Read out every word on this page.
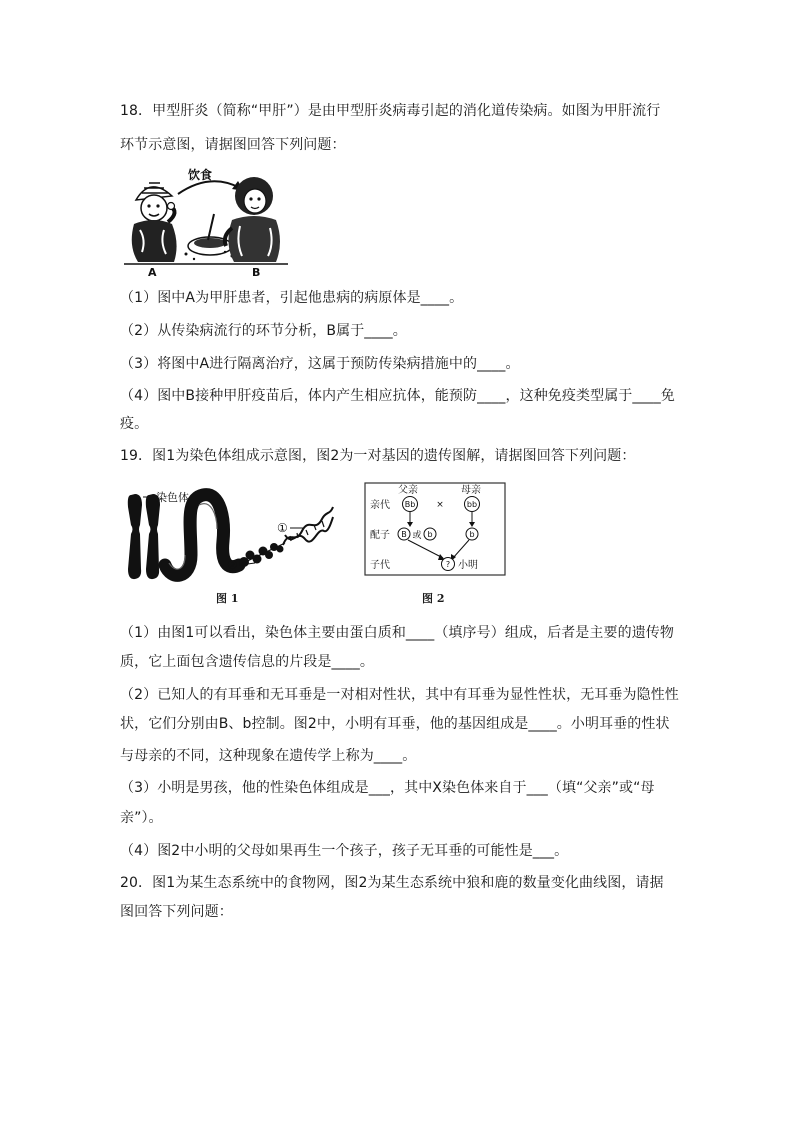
18．甲型肝炎（简称“甲肝”）是由甲型肝炎病毒引起的消化道传染病。如图为甲肝流行
环节示意图，请据图回答下列问题：
饮食
A	B
（1）图中A为甲肝患者，引起他患病的病原体是____。
（2）从传染病流行的环节分析，B属于____。
（3）将图中A进行隔离治疗，这属于预防传染病措施中的____。
（4）图中B接种甲肝疫苗后，体内产生相应抗体，能预防____，这种免疫类型属于____免
疫。
19．图1为染色体组成示意图，图2为一对基因的遗传图解，请据图回答下列问题：
染色体
①
②
图 1
父亲	母亲
亲代 Bb ×	bb
配子 B 或 b	b
子代	? 小明
图 2
（1）由图1可以看出，染色体主要由蛋白质和____（填序号）组成，后者是主要的遗传物
质，它上面包含遗传信息的片段是____。
（2）已知人的有耳垂和无耳垂是一对相对性状，其中有耳垂为显性性状，无耳垂为隐性性
状，它们分别由B、b控制。图2中，小明有耳垂，他的基因组成是____。小明耳垂的性状
与母亲的不同，这种现象在遗传学上称为____。
（3）小明是男孩，他的性染色体组成是___，其中X染色体来自于___（填“父亲”或“母
亲”）。
（4）图2中小明的父母如果再生一个孩子，孩子无耳垂的可能性是___。
20．图1为某生态系统中的食物网，图2为某生态系统中狼和鹿的数量变化曲线图，请据
图回答下列问题：
